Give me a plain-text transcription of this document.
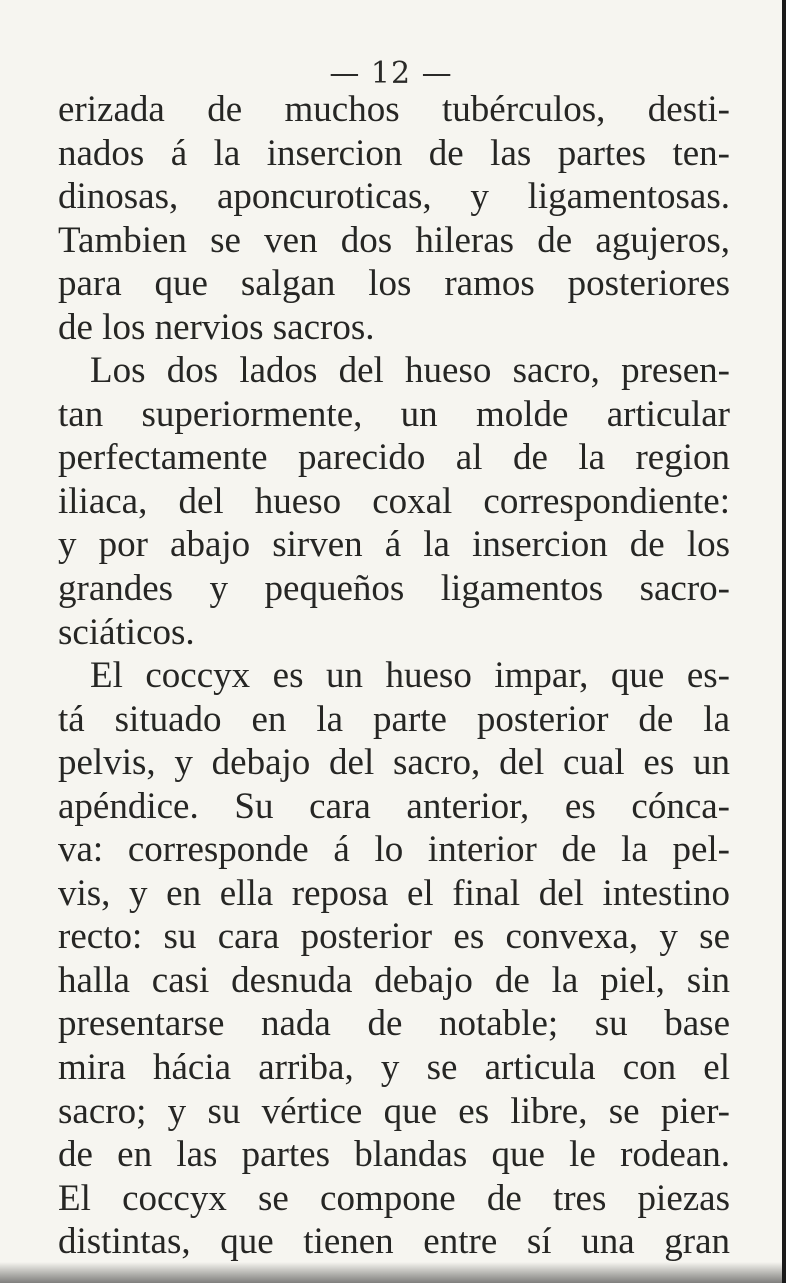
— 12 —
erizada de muchos tubérculos, desti-
nados á la insercion de las partes ten-
dinosas, aponcuroticas, y ligamentosas.
Tambien se ven dos hileras de agujeros,
para que salgan los ramos posteriores
de los nervios sacros.
Los dos lados del hueso sacro, presen-
tan superiormente, un molde articular
perfectamente parecido al de la region
iliaca, del hueso coxal correspondiente:
y por abajo sirven á la insercion de los
grandes y pequeños ligamentos sacro-
sciáticos.
El coccyx es un hueso impar, que es-
tá situado en la parte posterior de la
pelvis, y debajo del sacro, del cual es un
apéndice. Su cara anterior, es cónca-
va: corresponde á lo interior de la pel-
vis, y en ella reposa el final del intestino
recto: su cara posterior es convexa, y se
halla casi desnuda debajo de la piel, sin
presentarse nada de notable; su base
mira hácia arriba, y se articula con el
sacro; y su vértice que es libre, se pier-
de en las partes blandas que le rodean.
El coccyx se compone de tres piezas
distintas, que tienen entre sí una gran
